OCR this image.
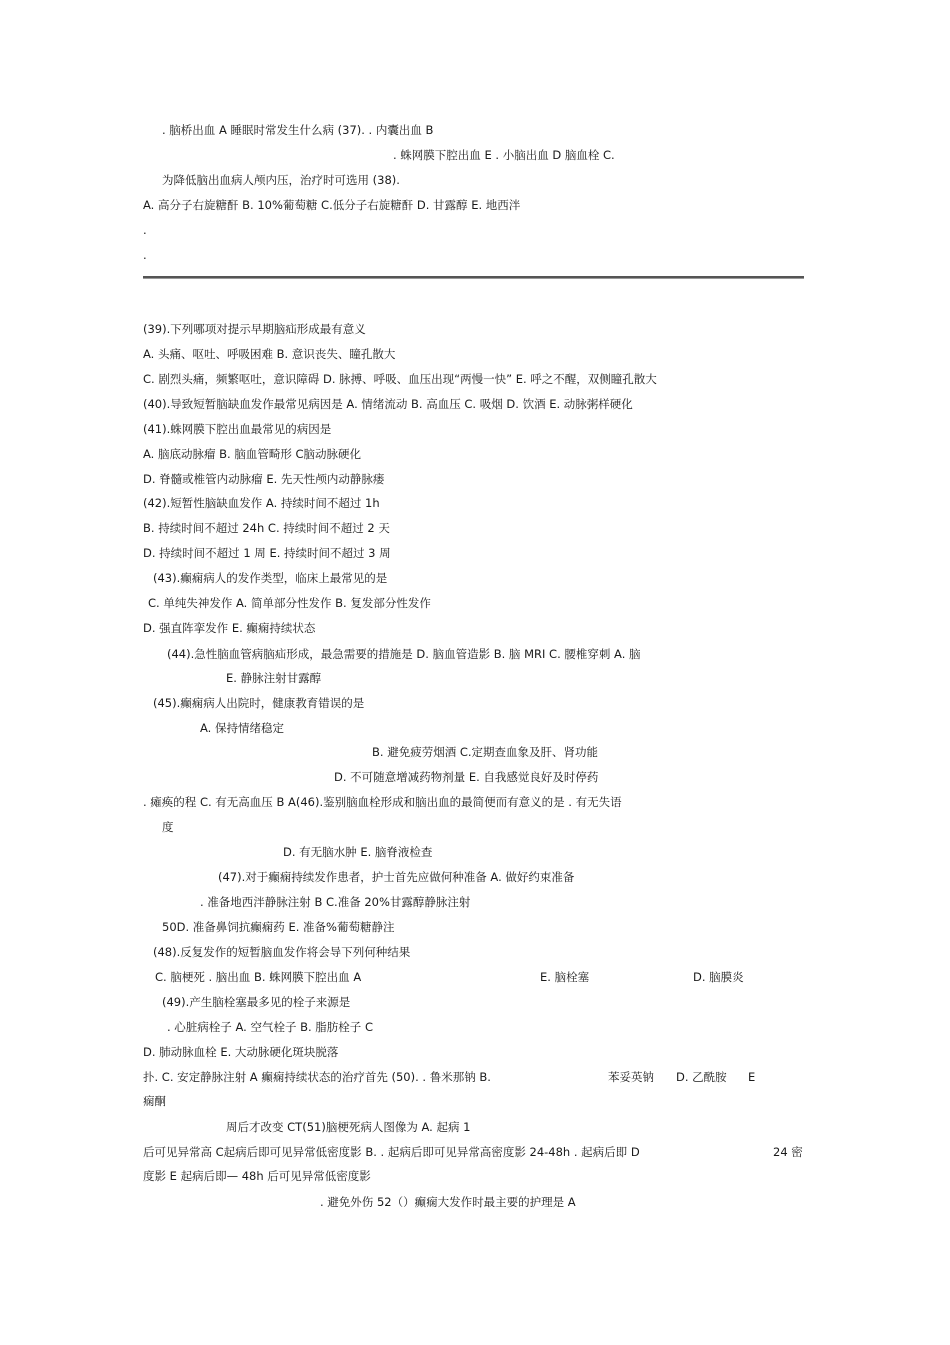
. 脑桥出血 A 睡眠时常发生什么病 (37). . 内囊出血 B
. 蛛网膜下腔出血 E . 小脑出血 D 脑血栓 C.
为降低脑出血病人颅内压，治疗时可选用 (38).
A. 高分子右旋糖酐 B. 10%葡萄糖 C.低分子右旋糖酐 D. 甘露醇 E. 地西泮
.
.
(39).下列哪项对提示早期脑疝形成最有意义
A. 头痛、呕吐、呼吸困难 B. 意识丧失、瞳孔散大
C. 剧烈头痛，频繁呕吐，意识障碍 D. 脉搏、呼吸、血压出现“两慢一快” E. 呼之不醒，双侧瞳孔散大
(40).导致短暂脑缺血发作最常见病因是 A. 情绪流动 B. 高血压 C. 吸烟 D. 饮酒 E. 动脉粥样硬化
(41).蛛网膜下腔出血最常见的病因是
A. 脑底动脉瘤 B. 脑血管畸形 C脑动脉硬化
D. 脊髓或椎管内动脉瘤 E. 先天性颅内动静脉瘘
(42).短暂性脑缺血发作 A. 持续时间不超过 1h
B. 持续时间不超过 24h C. 持续时间不超过 2 天
D. 持续时间不超过 1 周 E. 持续时间不超过 3 周
(43).癫痫病人的发作类型，临床上最常见的是
C. 单纯失神发作 A. 简单部分性发作 B. 复发部分性发作
D. 强直阵挛发作 E. 癫痫持续状态
(44).急性脑血管病脑疝形成，最急需要的措施是 D. 脑血管造影 B. 脑 MRI C. 腰椎穿刺 A. 脑
E. 静脉注射甘露醇
(45).癫痫病人出院时，健康教育错误的是
A. 保持情绪稳定
B. 避免疲劳烟酒 C.定期查血象及肝、肾功能
D. 不可随意增减药物剂量 E. 自我感觉良好及时停药
. 瘫痪的程 C. 有无高血压 B A(46).鉴别脑血栓形成和脑出血的最简便而有意义的是 . 有无失语
度
D. 有无脑水肿 E. 脑脊液检查
(47).对于癫痫持续发作患者，护士首先应做何种准备 A. 做好约束准备
. 准备地西泮静脉注射 B C.准备 20%甘露醇静脉注射
50D. 准备鼻饲抗癫痫药 E. 准备%葡萄糖静注
(48).反复发作的短暂脑血发作将会导下列何种结果
C. 脑梗死 . 脑出血 B. 蛛网膜下腔出血 A	E. 脑栓塞	D. 脑膜炎
(49).产生脑栓塞最多见的栓子来源是
. 心脏病栓子 A. 空气栓子 B. 脂肪栓子 C
D. 肺动脉血栓 E. 大动脉硬化斑块脱落
扑. C. 安定静脉注射 A 癫痫持续状态的治疗首先 (50). . 鲁米那钠 B.	苯妥英钠 D. 乙酰胺 E
痫酮
周后才改变 CT(51)脑梗死病人图像为 A. 起病 1
后可见异常高 C起病后即可见异常低密度影 B. . 起病后即可见异常高密度影 24-48h . 起病后即 D	24 密
度影 E 起病后即— 48h 后可见异常低密度影
. 避免外伤 52（）癫痫大发作时最主要的护理是 A
